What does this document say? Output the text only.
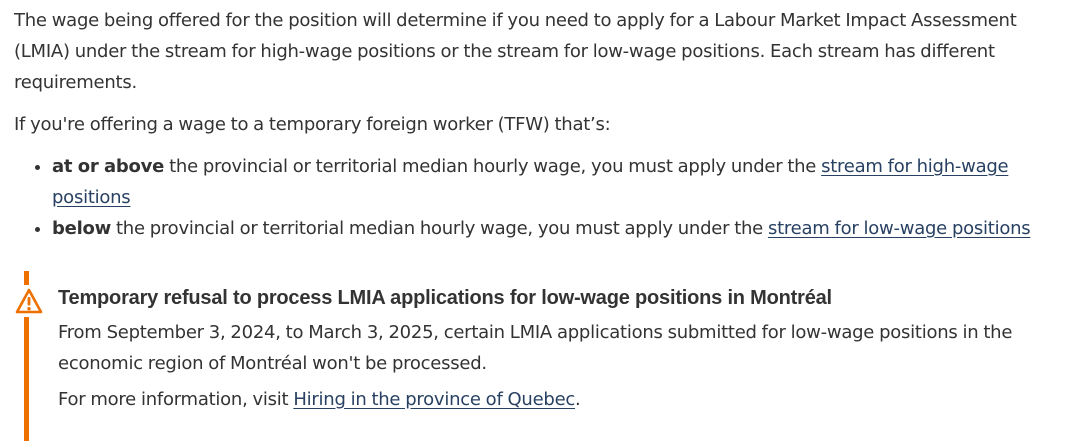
The wage being offered for the position will determine if you need to apply for a Labour Market Impact Assessment (LMIA) under the stream for high-wage positions or the stream for low-wage positions. Each stream has different requirements.

If you're offering a wage to a temporary foreign worker (TFW) that’s:

• at or above the provincial or territorial median hourly wage, you must apply under the stream for high-wage positions
• below the provincial or territorial median hourly wage, you must apply under the stream for low-wage positions
Temporary refusal to process LMIA applications for low-wage positions in Montréal

From September 3, 2024, to March 3, 2025, certain LMIA applications submitted for low-wage positions in the economic region of Montréal won't be processed.

For more information, visit Hiring in the province of Quebec.
